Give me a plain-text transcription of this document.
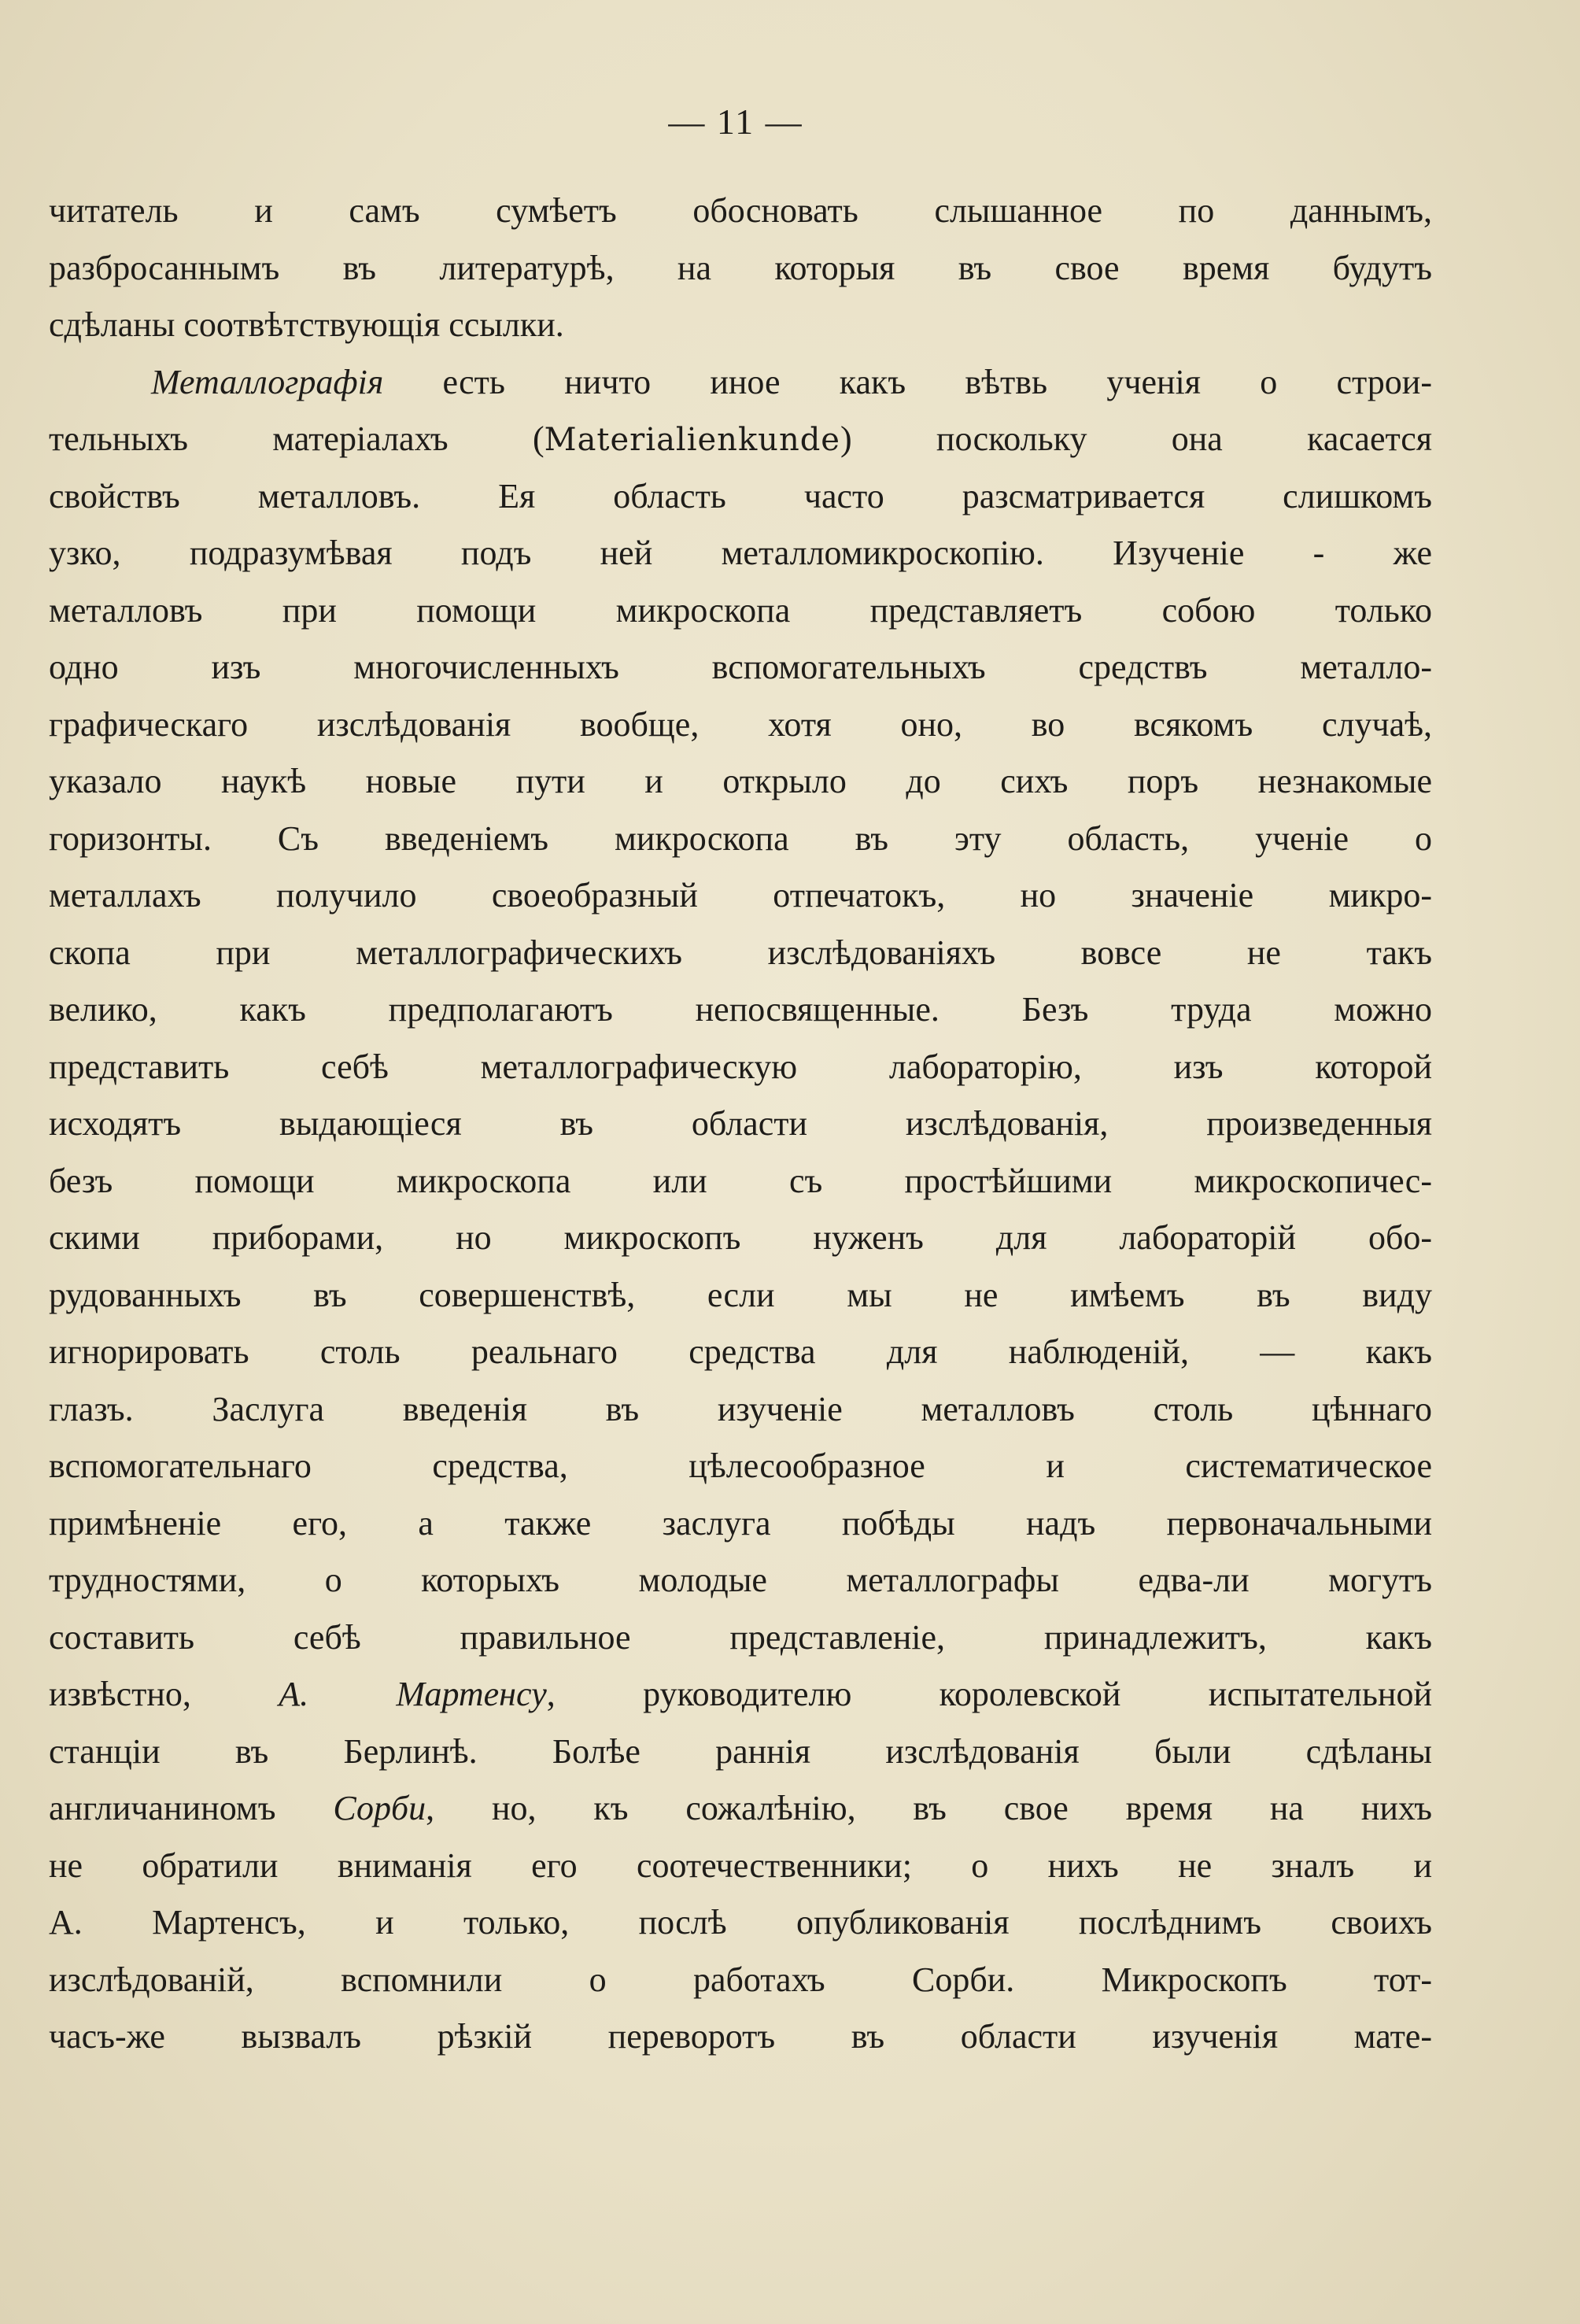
— 11 —
читатель и самъ сумѣетъ обосновать слышанное по даннымъ,
разбросаннымъ въ литературѣ, на которыя въ свое время будутъ
сдѣланы соотвѣтствующія ссылки.
Металлографія есть ничто иное какъ вѣтвь ученія о строи-
тельныхъ матеріалахъ (Materialienkunde) поскольку она касается
свойствъ металловъ. Ея область часто разсматривается слишкомъ
узко, подразумѣвая подъ ней металломикроскопію. Изученіе - же
металловъ при помощи микроскопа представляетъ собою только
одно изъ многочисленныхъ вспомогательныхъ средствъ металло-
графическаго изслѣдованія вообще, хотя оно, во всякомъ случаѣ,
указало наукѣ новые пути и открыло до сихъ поръ незнакомые
горизонты. Съ введеніемъ микроскопа въ эту область, ученіе о
металлахъ получило своеобразный отпечатокъ, но значеніе микро-
скопа при металлографическихъ изслѣдованіяхъ вовсе не такъ
велико, какъ предполагаютъ непосвященные. Безъ труда можно
представить себѣ металлографическую лабораторію, изъ которой
исходятъ выдающіеся въ области изслѣдованія, произведенныя
безъ помощи микроскопа или съ простѣйшими микроскопичес-
скими приборами, но микроскопъ нуженъ для лабораторій обо-
рудованныхъ въ совершенствѣ, если мы не имѣемъ въ виду
игнорировать столь реальнаго средства для наблюденій, — какъ
глазъ. Заслуга введенія въ изученіе металловъ столь цѣннаго
вспомогательнаго средства, цѣлесообразное и систематическое
примѣненіе его, а также заслуга побѣды надъ первоначальными
трудностями, о которыхъ молодые металлографы едва-ли могутъ
составить себѣ правильное представленіе, принадлежитъ, какъ
извѣстно, А. Мартенсу, руководителю королевской испытательной
станціи въ Берлинѣ. Болѣе раннія изслѣдованія были сдѣланы
англичаниномъ Сорби, но, къ сожалѣнію, въ свое время на нихъ
не обратили вниманія его соотечественники; о нихъ не зналъ и
А. Мартенсъ, и только, послѣ опубликованія послѣднимъ своихъ
изслѣдованій, вспомнили о работахъ Сорби. Микроскопъ тот-
часъ-же вызвалъ рѣзкій переворотъ въ области изученія мате-
